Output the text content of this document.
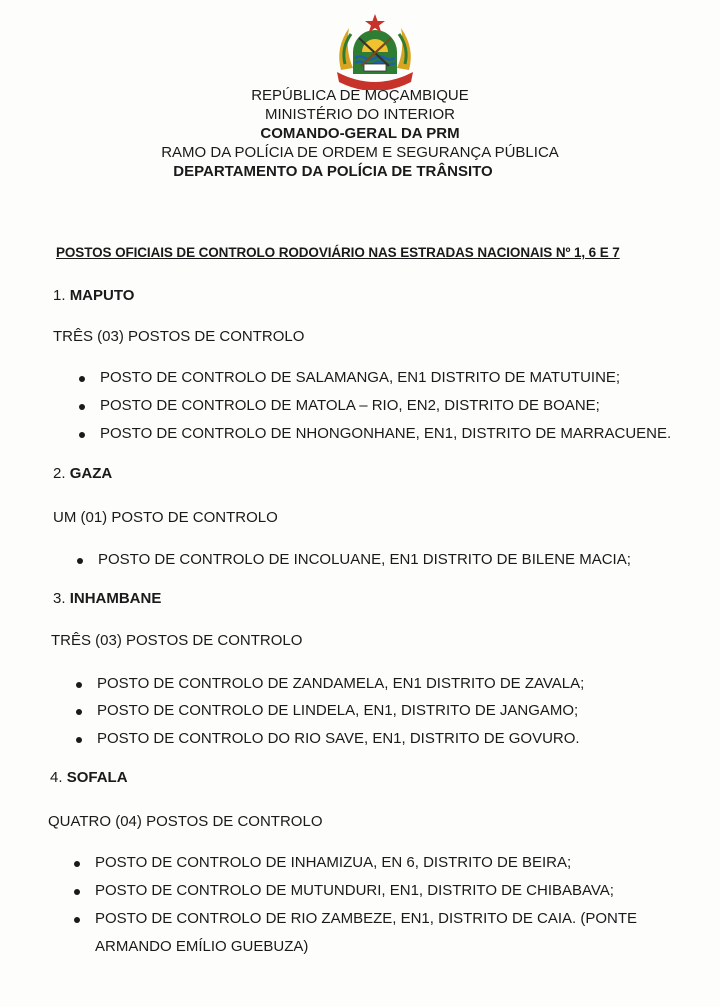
REPÚBLICA DE MOÇAMBIQUE
MINISTÉRIO DO INTERIOR
COMANDO-GERAL DA PRM
RAMO DA POLÍCIA DE ORDEM E SEGURANÇA PÚBLICA
DEPARTAMENTO DA POLÍCIA DE TRÂNSITO
POSTOS OFICIAIS DE CONTROLO RODOVIÁRIO NAS ESTRADAS NACIONAIS Nº 1, 6 E 7
1. MAPUTO
TRÊS (03) POSTOS DE CONTROLO
POSTO DE CONTROLO DE SALAMANGA, EN1 DISTRITO DE MATUTUINE;
POSTO DE CONTROLO DE MATOLA – RIO, EN2, DISTRITO DE BOANE;
POSTO DE CONTROLO DE NHONGONHANE, EN1, DISTRITO DE MARRACUENE.
2. GAZA
UM (01) POSTO DE CONTROLO
POSTO DE CONTROLO DE INCOLUANE, EN1 DISTRITO DE BILENE MACIA;
3. INHAMBANE
TRÊS (03) POSTOS DE CONTROLO
POSTO DE CONTROLO DE ZANDAMELA, EN1 DISTRITO DE ZAVALA;
POSTO DE CONTROLO DE LINDELA, EN1, DISTRITO DE JANGAMO;
POSTO DE CONTROLO DO RIO SAVE, EN1, DISTRITO DE GOVURO.
4. SOFALA
QUATRO (04) POSTOS DE CONTROLO
POSTO DE CONTROLO DE INHAMIZUA, EN 6, DISTRITO DE BEIRA;
POSTO DE CONTROLO DE MUTUNDURI, EN1, DISTRITO DE CHIBABAVA;
POSTO DE CONTROLO DE RIO ZAMBEZE, EN1, DISTRITO DE CAIA. (PONTE
ARMANDO EMÍLIO GUEBUZA)
